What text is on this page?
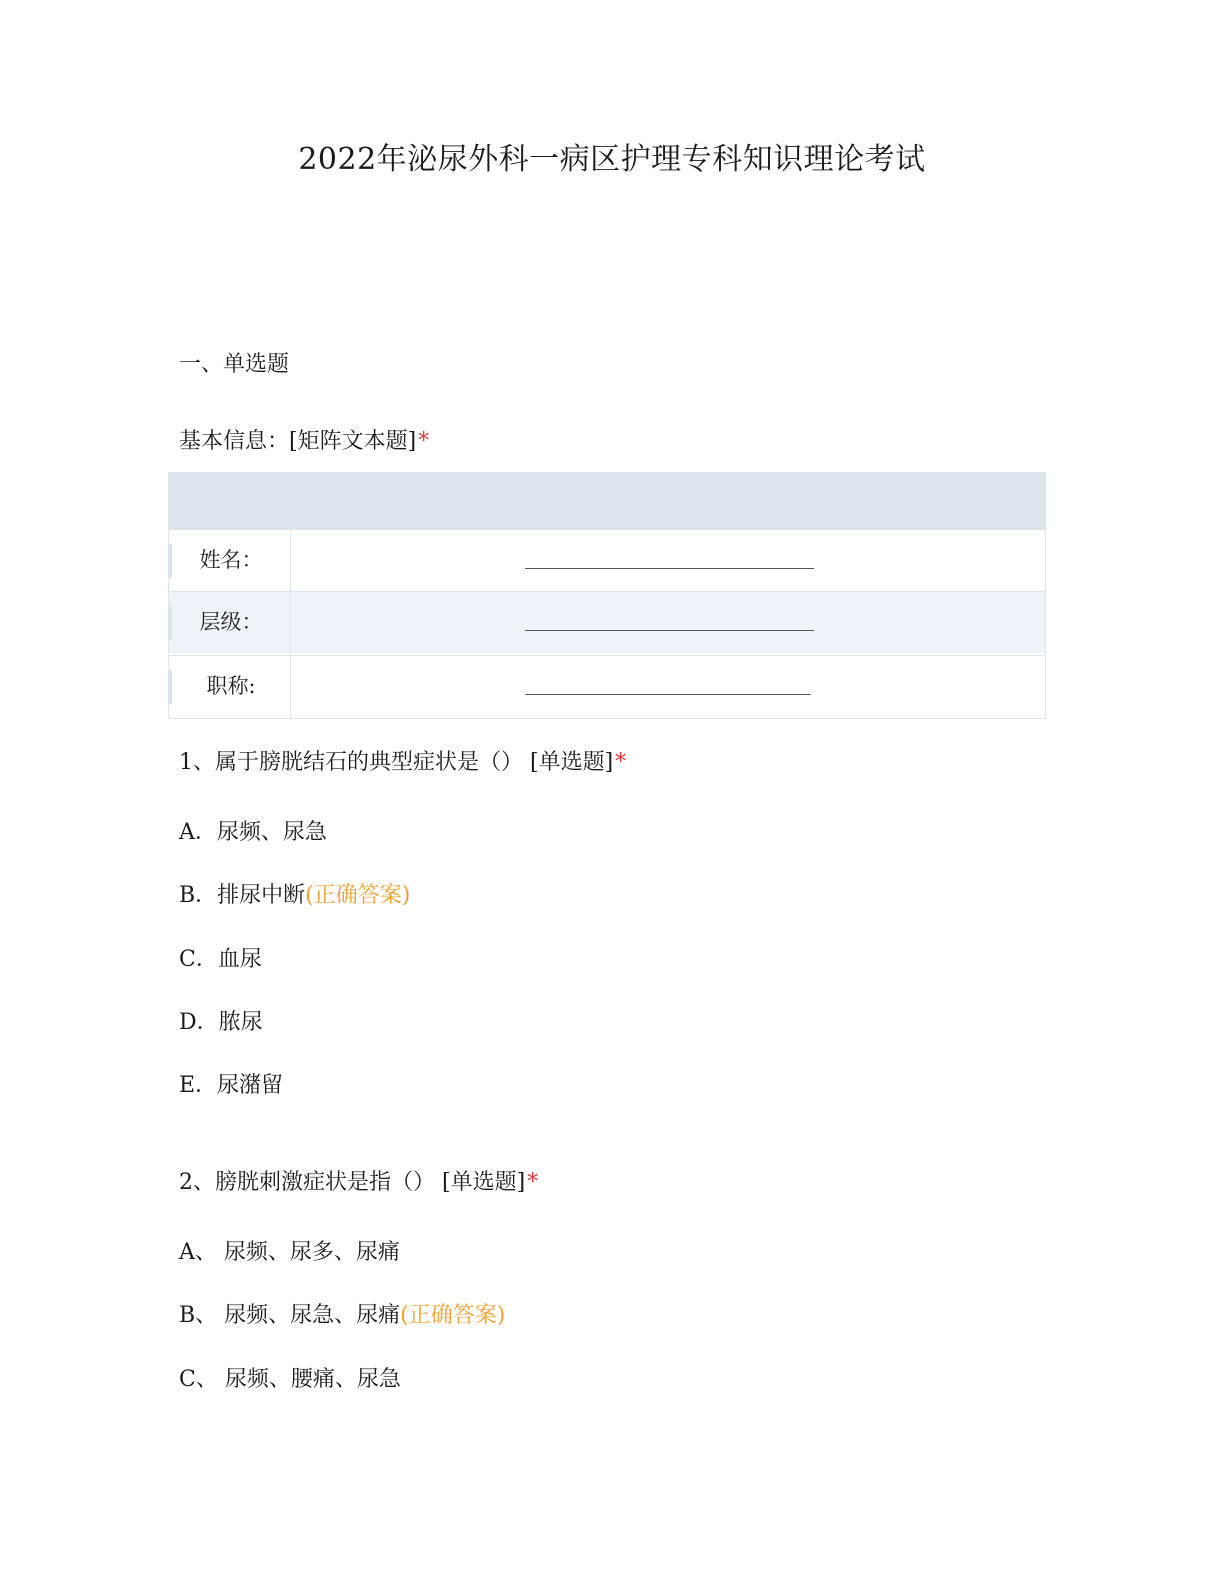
2022年泌尿外科一病区护理专科知识理论考试
一、单选题
基本信息：[矩阵文本题]*
姓名：
层级：
职称:
1、属于膀胱结石的典型症状是（） [单选题]*
A．尿频、尿急
B．排尿中断(正确答案)
C．血尿
D．脓尿
E．尿潴留
2、膀胱刺激症状是指（） [单选题]*
A、 尿频、尿多、尿痛
B、 尿频、尿急、尿痛(正确答案)
C、 尿频、腰痛、尿急
